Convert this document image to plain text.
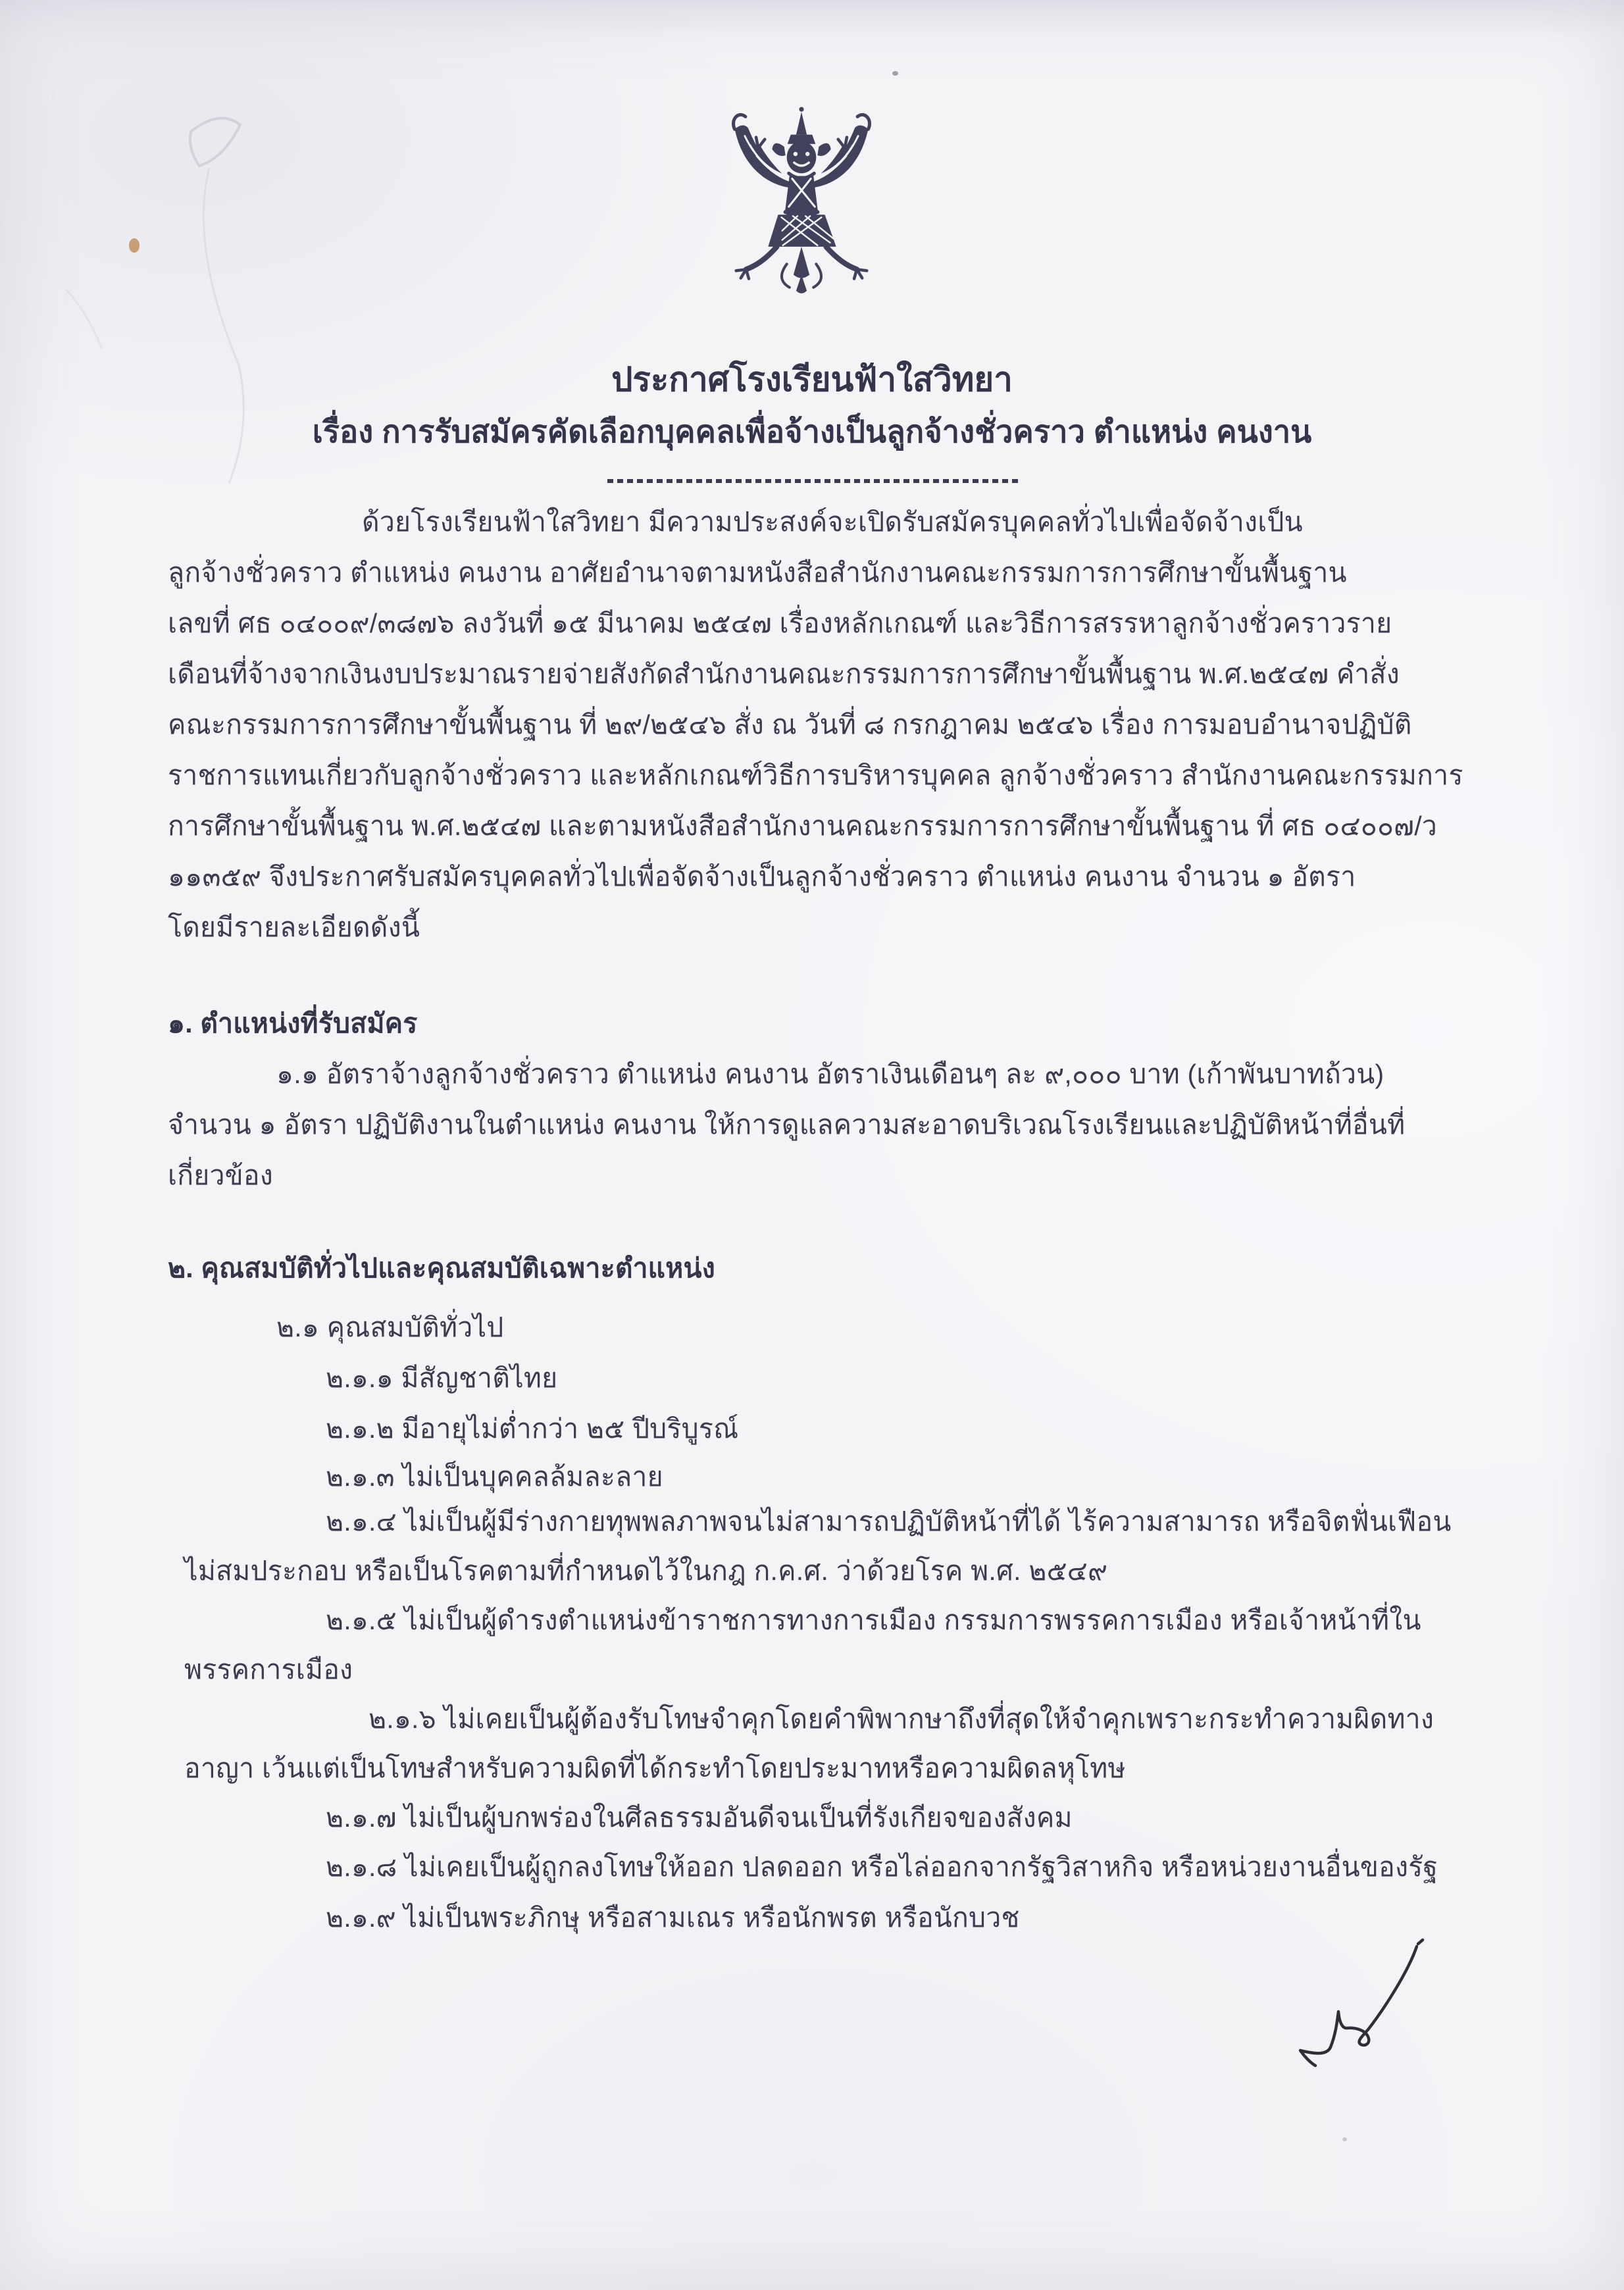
ประกาศโรงเรียนฟ้าใสวิทยา
เรื่อง การรับสมัครคัดเลือกบุคคลเพื่อจ้างเป็นลูกจ้างชั่วคราว ตำแหน่ง คนงาน
ด้วยโรงเรียนฟ้าใสวิทยา มีความประสงค์จะเปิดรับสมัครบุคคลทั่วไปเพื่อจัดจ้างเป็น
ลูกจ้างชั่วคราว ตำแหน่ง คนงาน อาศัยอำนาจตามหนังสือสำนักงานคณะกรรมการการศึกษาขั้นพื้นฐาน
เลขที่ ศธ ๐๔๐๐๙/๓๘๗๖ ลงวันที่ ๑๕ มีนาคม ๒๕๔๗ เรื่องหลักเกณฑ์ และวิธีการสรรหาลูกจ้างชั่วคราวราย
เดือนที่จ้างจากเงินงบประมาณรายจ่ายสังกัดสำนักงานคณะกรรมการการศึกษาขั้นพื้นฐาน พ.ศ.๒๕๔๗ คำสั่ง
คณะกรรมการการศึกษาขั้นพื้นฐาน ที่ ๒๙/๒๕๔๖ สั่ง ณ วันที่ ๘ กรกฎาคม ๒๕๔๖ เรื่อง การมอบอำนาจปฏิบัติ
ราชการแทนเกี่ยวกับลูกจ้างชั่วคราว และหลักเกณฑ์วิธีการบริหารบุคคล ลูกจ้างชั่วคราว สำนักงานคณะกรรมการ
การศึกษาขั้นพื้นฐาน พ.ศ.๒๕๔๗ และตามหนังสือสำนักงานคณะกรรมการการศึกษาขั้นพื้นฐาน ที่ ศธ ๐๔๐๐๗/ว
๑๑๓๕๙ จึงประกาศรับสมัครบุคคลทั่วไปเพื่อจัดจ้างเป็นลูกจ้างชั่วคราว ตำแหน่ง คนงาน จำนวน ๑ อัตรา
โดยมีรายละเอียดดังนี้
๑. ตำแหน่งที่รับสมัคร
๑.๑ อัตราจ้างลูกจ้างชั่วคราว ตำแหน่ง คนงาน อัตราเงินเดือนๆ ละ ๙,๐๐๐ บาท (เก้าพันบาทถ้วน)
จำนวน ๑ อัตรา ปฏิบัติงานในตำแหน่ง คนงาน ให้การดูแลความสะอาดบริเวณโรงเรียนและปฏิบัติหน้าที่อื่นที่
เกี่ยวข้อง
๒. คุณสมบัติทั่วไปและคุณสมบัติเฉพาะตำแหน่ง
๒.๑ คุณสมบัติทั่วไป
๒.๑.๑ มีสัญชาติไทย
๒.๑.๒ มีอายุไม่ต่ำกว่า ๒๕ ปีบริบูรณ์
๒.๑.๓ ไม่เป็นบุคคลล้มละลาย
๒.๑.๔ ไม่เป็นผู้มีร่างกายทุพพลภาพจนไม่สามารถปฏิบัติหน้าที่ได้ ไร้ความสามารถ หรือจิตฟั่นเฟือน
ไม่สมประกอบ หรือเป็นโรคตามที่กำหนดไว้ในกฎ ก.ค.ศ. ว่าด้วยโรค พ.ศ. ๒๕๔๙
๒.๑.๕ ไม่เป็นผู้ดำรงตำแหน่งข้าราชการทางการเมือง กรรมการพรรคการเมือง หรือเจ้าหน้าที่ใน
พรรคการเมือง
๒.๑.๖ ไม่เคยเป็นผู้ต้องรับโทษจำคุกโดยคำพิพากษาถึงที่สุดให้จำคุกเพราะกระทำความผิดทาง
อาญา เว้นแต่เป็นโทษสำหรับความผิดที่ได้กระทำโดยประมาทหรือความผิดลหุโทษ
๒.๑.๗ ไม่เป็นผู้บกพร่องในศีลธรรมอันดีจนเป็นที่รังเกียจของสังคม
๒.๑.๘ ไม่เคยเป็นผู้ถูกลงโทษให้ออก ปลดออก หรือไล่ออกจากรัฐวิสาหกิจ หรือหน่วยงานอื่นของรัฐ
๒.๑.๙ ไม่เป็นพระภิกษุ หรือสามเณร หรือนักพรต หรือนักบวช
